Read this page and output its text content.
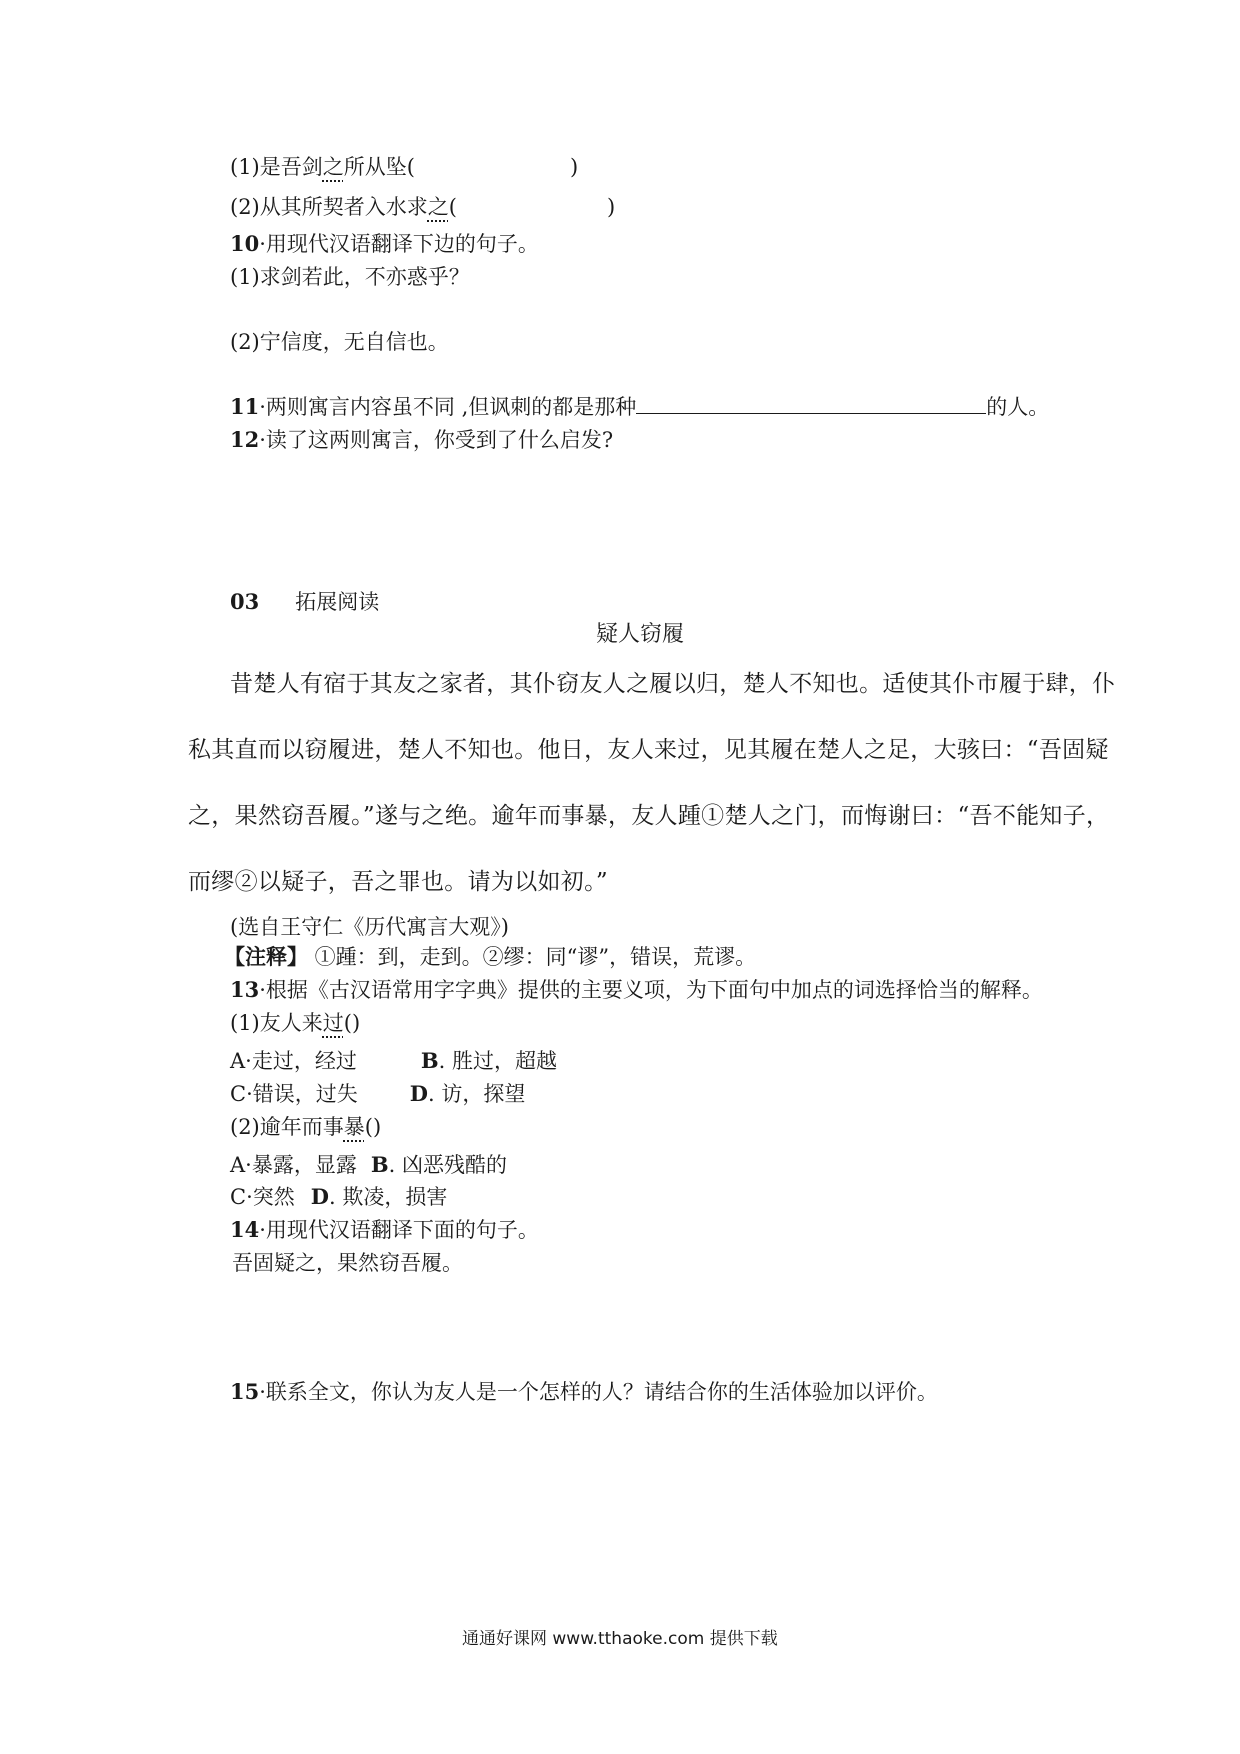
(1)是吾剑之所从坠(	)
(2)从其所契者入水求之(	)
10·用现代汉语翻译下边的句子。
(1)求剑若此，不亦惑乎？
(2)宁信度，无自信也。
11·两则寓言内容虽不同 ,但讽刺的都是那种	的人。
12·读了这两则寓言，你受到了什么启发?
03 拓展阅读
疑人窃履
昔楚人有宿于其友之家者，其仆窃友人之履以归，楚人不知也。适使其仆市履于肆，仆
私其直而以窃履进，楚人不知也。他日，友人来过，见其履在楚人之足，大骇曰：“吾固疑
之，果然窃吾履。”遂与之绝。逾年而事暴，友人踵①楚人之门，而悔谢曰：“吾不能知子，
而缪②以疑子，吾之罪也。请为以如初。”
(选自王守仁《历代寓言大观》)
【注释】 ①踵：到，走到。②缪：同“谬”，错误，荒谬。
13·根据《古汉语常用字字典》提供的主要义项，为下面句中加点的词选择恰当的解释。
(1)友人来过()
A·走过，经过	B. 胜过，超越
C·错误，过失 D. 访，探望
(2)逾年而事暴()
A·暴露，显露 B. 凶恶残酷的
C·突然 D. 欺凌，损害
14·用现代汉语翻译下面的句子。
吾固疑之，果然窃吾履。
15·联系全文，你认为友人是一个怎样的人？请结合你的生活体验加以评价。
通通好课网 www.tthaoke.com 提供下载
